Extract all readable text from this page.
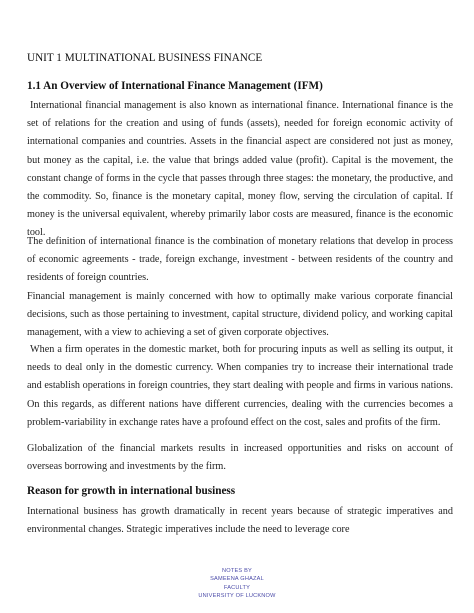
UNIT 1 MULTINATIONAL BUSINESS FINANCE
1.1 An Overview of International Finance Management (IFM)
International financial management is also known as international finance. International finance is the set of relations for the creation and using of funds (assets), needed for foreign economic activity of international companies and countries. Assets in the financial aspect are considered not just as money, but money as the capital, i.e. the value that brings added value (profit). Capital is the movement, the constant change of forms in the cycle that passes through three stages: the monetary, the productive, and the commodity. So, finance is the monetary capital, money flow, serving the circulation of capital. If money is the universal equivalent, whereby primarily labor costs are measured, finance is the economic tool.
The definition of international finance is the combination of monetary relations that develop in process of economic agreements - trade, foreign exchange, investment - between residents of the country and residents of foreign countries.
Financial management is mainly concerned with how to optimally make various corporate financial decisions, such as those pertaining to investment, capital structure, dividend policy, and working capital management, with a view to achieving a set of given corporate objectives.
When a firm operates in the domestic market, both for procuring inputs as well as selling its output, it needs to deal only in the domestic currency. When companies try to increase their international trade and establish operations in foreign countries, they start dealing with people and firms in various nations. On this regards, as different nations have different currencies, dealing with the currencies becomes a problem-variability in exchange rates have a profound effect on the cost, sales and profits of the firm.
Globalization of the financial markets results in increased opportunities and risks on account of overseas borrowing and investments by the firm.
Reason for growth in international business
International business has growth dramatically in recent years because of strategic imperatives and environmental changes. Strategic imperatives include the need to leverage core
NOTES BY
SAMEENA GHAZAL
FACULTY
UNIVERSITY OF LUCKNOW
